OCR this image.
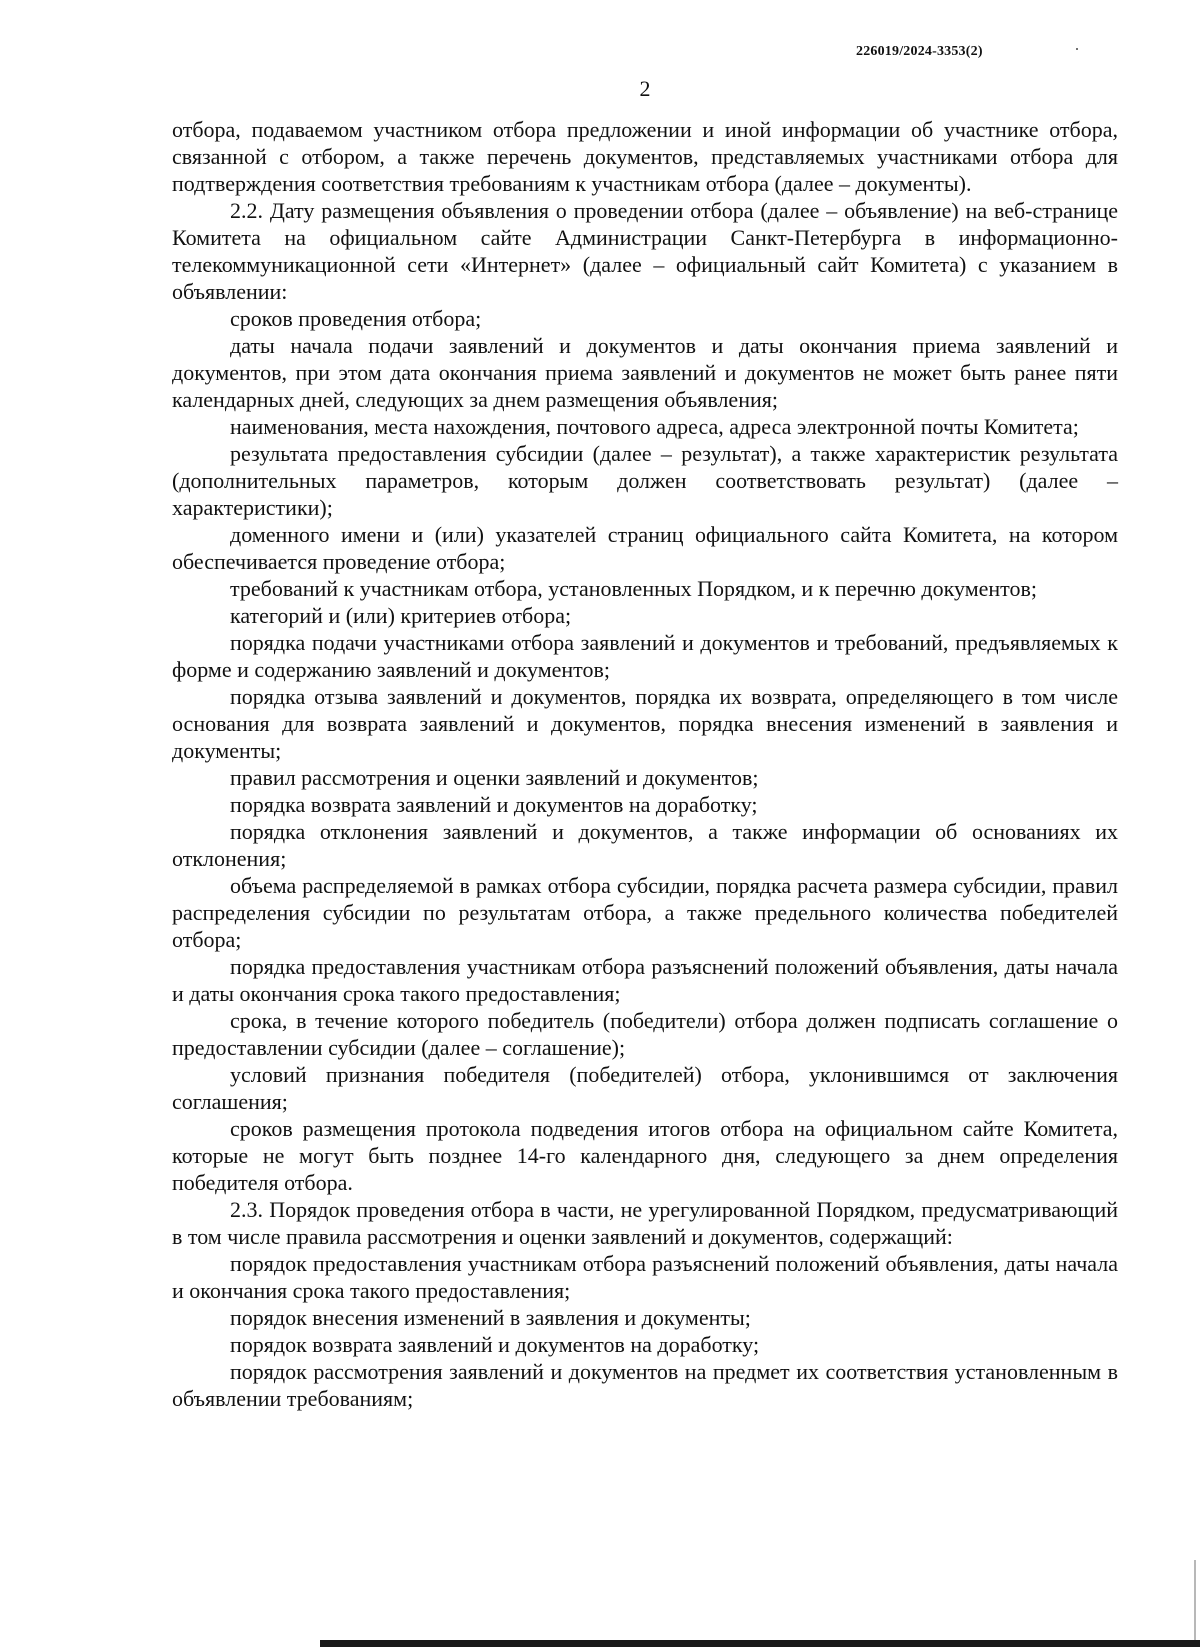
226019/2024-3353(2)
2

отбора, подаваемом участником отбора предложении и иной информации об участнике отбора, связанной с отбором, а также перечень документов, представляемых участниками отбора для подтверждения соответствия требованиям к участникам отбора (далее – документы).

2.2. Дату размещения объявления о проведении отбора (далее – объявление) на веб-странице Комитета на официальном сайте Администрации Санкт-Петербурга в информационно-телекоммуникационной сети «Интернет» (далее – официальный сайт Комитета) с указанием в объявлении:

сроков проведения отбора;

даты начала подачи заявлений и документов и даты окончания приема заявлений и документов, при этом дата окончания приема заявлений и документов не может быть ранее пяти календарных дней, следующих за днем размещения объявления;

наименования, места нахождения, почтового адреса, адреса электронной почты Комитета;

результата предоставления субсидии (далее – результат), а также характеристик результата (дополнительных параметров, которым должен соответствовать результат) (далее – характеристики);

доменного имени и (или) указателей страниц официального сайта Комитета, на котором обеспечивается проведение отбора;

требований к участникам отбора, установленных Порядком, и к перечню документов;

категорий и (или) критериев отбора;

порядка подачи участниками отбора заявлений и документов и требований, предъявляемых к форме и содержанию заявлений и документов;

порядка отзыва заявлений и документов, порядка их возврата, определяющего в том числе основания для возврата заявлений и документов, порядка внесения изменений в заявления и документы;

правил рассмотрения и оценки заявлений и документов;

порядка возврата заявлений и документов на доработку;

порядка отклонения заявлений и документов, а также информации об основаниях их отклонения;

объема распределяемой в рамках отбора субсидии, порядка расчета размера субсидии, правил распределения субсидии по результатам отбора, а также предельного количества победителей отбора;

порядка предоставления участникам отбора разъяснений положений объявления, даты начала и даты окончания срока такого предоставления;

срока, в течение которого победитель (победители) отбора должен подписать соглашение о предоставлении субсидии (далее – соглашение);

условий признания победителя (победителей) отбора, уклонившимся от заключения соглашения;

сроков размещения протокола подведения итогов отбора на официальном сайте Комитета, которые не могут быть позднее 14-го календарного дня, следующего за днем определения победителя отбора.

2.3. Порядок проведения отбора в части, не урегулированной Порядком, предусматривающий в том числе правила рассмотрения и оценки заявлений и документов, содержащий:

порядок предоставления участникам отбора разъяснений положений объявления, даты начала и окончания срока такого предоставления;

порядок внесения изменений в заявления и документы;

порядок возврата заявлений и документов на доработку;

порядок рассмотрения заявлений и документов на предмет их соответствия установленным в объявлении требованиям;
